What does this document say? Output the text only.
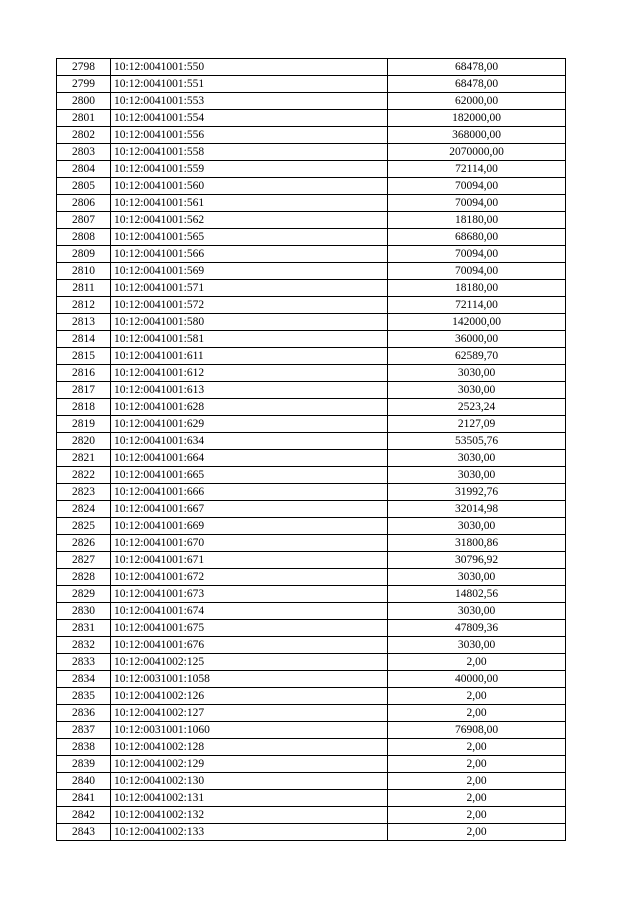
2798	10:12:0041001:550	68478,00
2799	10:12:0041001:551	68478,00
2800	10:12:0041001:553	62000,00
2801	10:12:0041001:554	182000,00
2802	10:12:0041001:556	368000,00
2803	10:12:0041001:558	2070000,00
2804	10:12:0041001:559	72114,00
2805	10:12:0041001:560	70094,00
2806	10:12:0041001:561	70094,00
2807	10:12:0041001:562	18180,00
2808	10:12:0041001:565	68680,00
2809	10:12:0041001:566	70094,00
2810	10:12:0041001:569	70094,00
2811	10:12:0041001:571	18180,00
2812	10:12:0041001:572	72114,00
2813	10:12:0041001:580	142000,00
2814	10:12:0041001:581	36000,00
2815	10:12:0041001:611	62589,70
2816	10:12:0041001:612	3030,00
2817	10:12:0041001:613	3030,00
2818	10:12:0041001:628	2523,24
2819	10:12:0041001:629	2127,09
2820	10:12:0041001:634	53505,76
2821	10:12:0041001:664	3030,00
2822	10:12:0041001:665	3030,00
2823	10:12:0041001:666	31992,76
2824	10:12:0041001:667	32014,98
2825	10:12:0041001:669	3030,00
2826	10:12:0041001:670	31800,86
2827	10:12:0041001:671	30796,92
2828	10:12:0041001:672	3030,00
2829	10:12:0041001:673	14802,56
2830	10:12:0041001:674	3030,00
2831	10:12:0041001:675	47809,36
2832	10:12:0041001:676	3030,00
2833	10:12:0041002:125	2,00
2834	10:12:0031001:1058	40000,00
2835	10:12:0041002:126	2,00
2836	10:12:0041002:127	2,00
2837	10:12:0031001:1060	76908,00
2838	10:12:0041002:128	2,00
2839	10:12:0041002:129	2,00
2840	10:12:0041002:130	2,00
2841	10:12:0041002:131	2,00
2842	10:12:0041002:132	2,00
2843	10:12:0041002:133	2,00
